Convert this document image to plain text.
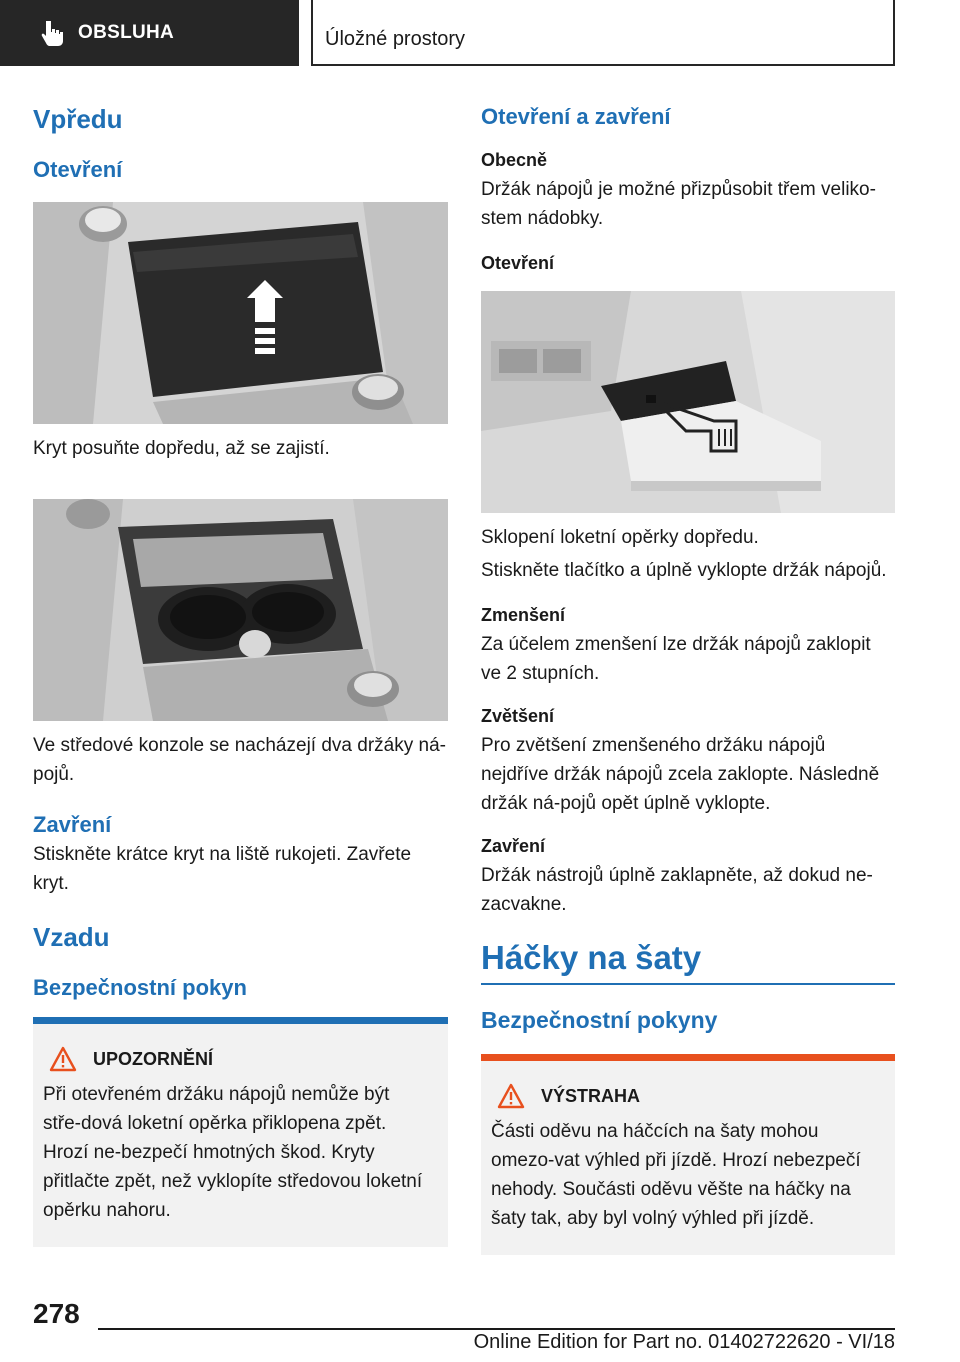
OBSLUHA	Úložné prostory
Vpředu
Otevření
Kryt posuňte dopředu, až se zajistí.
Ve středové konzole se nacházejí dva držáky ná-pojů.
Zavření
Stiskněte krátce kryt na liště rukojeti. Zavřete kryt.
Vzadu
Bezpečnostní pokyn
UPOZORNĚNÍ
Při otevřeném držáku nápojů nemůže být stře-dová loketní opěrka přiklopena zpět. Hrozí ne-bezpečí hmotných škod. Kryty přitlačte zpět, než vyklopíte středovou loketní opěrku nahoru.
Otevření a zavření
Obecně
Držák nápojů je možné přizpůsobit třem veliko-stem nádobky.
Otevření
Sklopení loketní opěrky dopředu.
Stiskněte tlačítko a úplně vyklopte držák nápojů.
Zmenšení
Za účelem zmenšení lze držák nápojů zaklopit ve 2 stupních.
Zvětšení
Pro zvětšení zmenšeného držáku nápojů nejdříve držák nápojů zcela zaklopte. Následně držák ná-pojů opět úplně vyklopte.
Zavření
Držák nástrojů úplně zaklapněte, až dokud ne-zacvakne.
Háčky na šaty
Bezpečnostní pokyny
VÝSTRAHA
Části oděvu na háčcích na šaty mohou omezo-vat výhled při jízdě. Hrozí nebezpečí nehody. Součásti oděvu věšte na háčky na šaty tak, aby byl volný výhled při jízdě.
278
Online Edition for Part no. 01402722620 - VI/18
